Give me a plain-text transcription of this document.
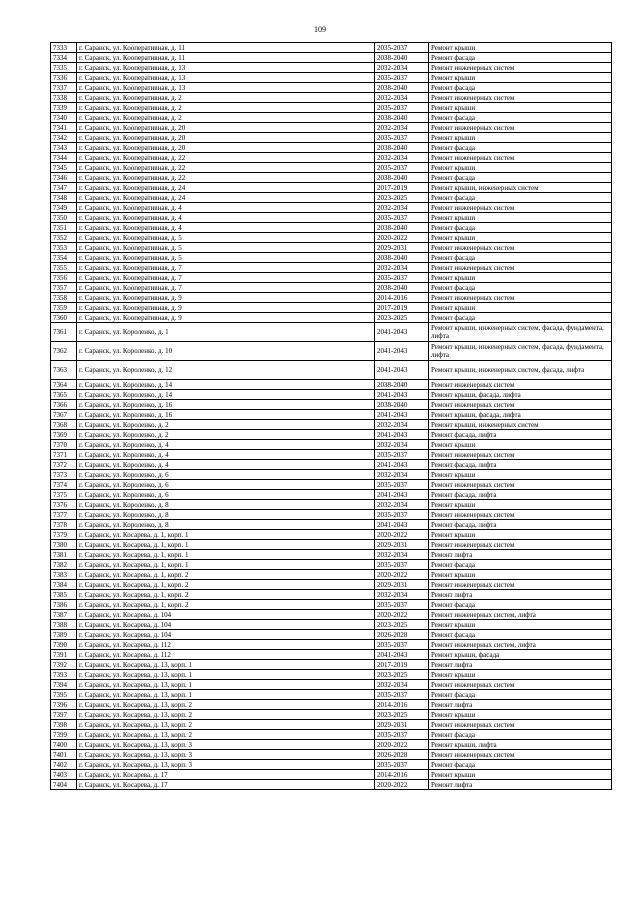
109
7333	г. Саранск, ул. Кооперативная, д. 11	2035-2037	Ремонт крыши
7334	г. Саранск, ул. Кооперативная, д. 11	2038-2040	Ремонт фасада
7335	г. Саранск, ул. Кооперативная, д. 13	2032-2034	Ремонт инженерных систем
7336	г. Саранск, ул. Кооперативная, д. 13	2035-2037	Ремонт крыши
7337	г. Саранск, ул. Кооперативная, д. 13	2038-2040	Ремонт фасада
7338	г. Саранск, ул. Кооперативная, д. 2	2032-2034	Ремонт инженерных систем
7339	г. Саранск, ул. Кооперативная, д. 2	2035-2037	Ремонт крыши
7340	г. Саранск, ул. Кооперативная, д. 2	2038-2040	Ремонт фасада
7341	г. Саранск, ул. Кооперативная, д. 20	2032-2034	Ремонт инженерных систем
7342	г. Саранск, ул. Кооперативная, д. 20	2035-2037	Ремонт крыши
7343	г. Саранск, ул. Кооперативная, д. 20	2038-2040	Ремонт фасада
7344	г. Саранск, ул. Кооперативная, д. 22	2032-2034	Ремонт инженерных систем
7345	г. Саранск, ул. Кооперативная, д. 22	2035-2037	Ремонт крыши
7346	г. Саранск, ул. Кооперативная, д. 22	2038-2040	Ремонт фасада
7347	г. Саранск, ул. Кооперативная, д. 24	2017-2019	Ремонт крыши, инженерных систем
7348	г. Саранск, ул. Кооперативная, д. 24	2023-2025	Ремонт фасада
7349	г. Саранск, ул. Кооперативная, д. 4	2032-2034	Ремонт инженерных систем
7350	г. Саранск, ул. Кооперативная, д. 4	2035-2037	Ремонт крыши
7351	г. Саранск, ул. Кооперативная, д. 4	2038-2040	Ремонт фасада
7352	г. Саранск, ул. Кооперативная, д. 5	2020-2022	Ремонт крыши
7353	г. Саранск, ул. Кооперативная, д. 5	2029-2031	Ремонт инженерных систем
7354	г. Саранск, ул. Кооперативная, д. 5	2038-2040	Ремонт фасада
7355	г. Саранск, ул. Кооперативная, д. 7	2032-2034	Ремонт инженерных систем
7356	г. Саранск, ул. Кооперативная, д. 7	2035-2037	Ремонт крыши
7357	г. Саранск, ул. Кооперативная, д. 7	2038-2040	Ремонт фасада
7358	г. Саранск, ул. Кооперативная, д. 9	2014-2016	Ремонт инженерных систем
7359	г. Саранск, ул. Кооперативная, д. 9	2017-2019	Ремонт крыши
7360	г. Саранск, ул. Кооперативная, д. 9	2023-2025	Ремонт фасада
7361	г. Саранск, ул. Короленко, д. 1	2041-2043	Ремонт крыши, инженерных систем, фасада, фундамента, лифта
7362	г. Саранск, ул. Короленко, д. 10	2041-2043	Ремонт крыши, инженерных систем, фасада, фундамента, лифта
7363	г. Саранск, ул. Короленко, д. 12	2041-2043	Ремонт крыши, инженерных систем, фасада, лифта
7364	г. Саранск, ул. Короленко, д. 14	2038-2040	Ремонт инженерных систем
7365	г. Саранск, ул. Короленко, д. 14	2041-2043	Ремонт крыши, фасада, лифта
7366	г. Саранск, ул. Короленко, д. 16	2038-2040	Ремонт инженерных систем
7367	г. Саранск, ул. Короленко, д. 16	2041-2043	Ремонт крыши, фасада, лифта
7368	г. Саранск, ул. Короленко, д. 2	2032-2034	Ремонт крыши, инженерных систем
7369	г. Саранск, ул. Короленко, д. 2	2041-2043	Ремонт фасада, лифта
7370	г. Саранск, ул. Короленко, д. 4	2032-2034	Ремонт крыши
7371	г. Саранск, ул. Короленко, д. 4	2035-2037	Ремонт инженерных систем
7372	г. Саранск, ул. Короленко, д. 4	2041-2043	Ремонт фасада, лифта
7373	г. Саранск, ул. Короленко, д. 6	2032-2034	Ремонт крыши
7374	г. Саранск, ул. Короленко, д. 6	2035-2037	Ремонт инженерных систем
7375	г. Саранск, ул. Короленко, д. 6	2041-2043	Ремонт фасада, лифта
7376	г. Саранск, ул. Короленко, д. 8	2032-2034	Ремонт крыши
7377	г. Саранск, ул. Короленко, д. 8	2035-2037	Ремонт инженерных систем
7378	г. Саранск, ул. Короленко, д. 8	2041-2043	Ремонт фасада, лифта
7379	г. Саранск, ул. Косарева, д. 1, корп. 1	2020-2022	Ремонт крыши
7380	г. Саранск, ул. Косарева, д. 1, корп. 1	2029-2031	Ремонт инженерных систем
7381	г. Саранск, ул. Косарева, д. 1, корп. 1	2032-2034	Ремонт лифта
7382	г. Саранск, ул. Косарева, д. 1, корп. 1	2035-2037	Ремонт фасада
7383	г. Саранск, ул. Косарева, д. 1, корп. 2	2020-2022	Ремонт крыши
7384	г. Саранск, ул. Косарева, д. 1, корп. 2	2029-2031	Ремонт инженерных систем
7385	г. Саранск, ул. Косарева, д. 1, корп. 2	2032-2034	Ремонт лифта
7386	г. Саранск, ул. Косарева, д. 1, корп. 2	2035-2037	Ремонт фасада
7387	г. Саранск, ул. Косарева, д. 104	2020-2022	Ремонт инженерных систем, лифта
7388	г. Саранск, ул. Косарева, д. 104	2023-2025	Ремонт крыши
7389	г. Саранск, ул. Косарева, д. 104	2026-2028	Ремонт фасада
7390	г. Саранск, ул. Косарева, д. 112	2035-2037	Ремонт инженерных систем, лифта
7391	г. Саранск, ул. Косарева, д. 112	2041-2043	Ремонт крыши, фасада
7392	г. Саранск, ул. Косарева, д. 13, корп. 1	2017-2019	Ремонт лифта
7393	г. Саранск, ул. Косарева, д. 13, корп. 1	2023-2025	Ремонт крыши
7394	г. Саранск, ул. Косарева, д. 13, корп. 1	2032-2034	Ремонт инженерных систем
7395	г. Саранск, ул. Косарева, д. 13, корп. 1	2035-2037	Ремонт фасада
7396	г. Саранск, ул. Косарева, д. 13, корп. 2	2014-2016	Ремонт лифта
7397	г. Саранск, ул. Косарева, д. 13, корп. 2	2023-2025	Ремонт крыши
7398	г. Саранск, ул. Косарева, д. 13, корп. 2	2029-2031	Ремонт инженерных систем
7399	г. Саранск, ул. Косарева, д. 13, корп. 2	2035-2037	Ремонт фасада
7400	г. Саранск, ул. Косарева, д. 13, корп. 3	2020-2022	Ремонт крыши, лифта
7401	г. Саранск, ул. Косарева, д. 13, корп. 3	2026-2028	Ремонт инженерных систем
7402	г. Саранск, ул. Косарева, д. 13, корп. 3	2035-2037	Ремонт фасада
7403	г. Саранск, ул. Косарева, д. 17	2014-2016	Ремонт крыши
7404	г. Саранск, ул. Косарева, д. 17	2020-2022	Ремонт лифта
